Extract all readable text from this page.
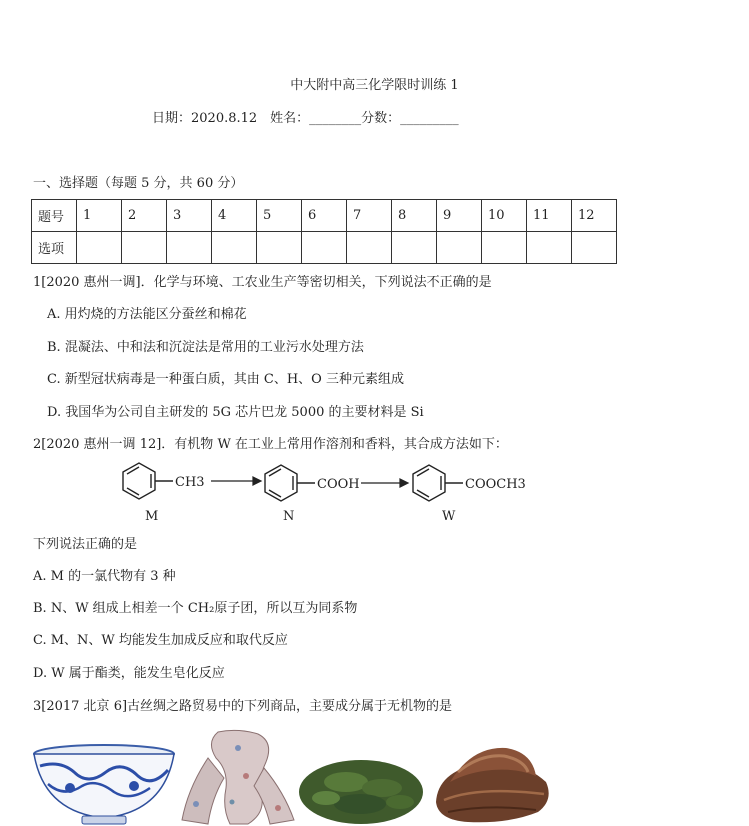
中大附中高三化学限时训练 1
日期：2020.8.12　姓名：________分数：_________
一、选择题（每题 5 分，共 60 分）
题号	1	2	3	4	5	6	7	8	9	10	11	12
选项												
1[2020 惠州一调]．化学与环境、工农业生产等密切相关，下列说法不正确的是
A. 用灼烧的方法能区分蚕丝和棉花
B. 混凝法、中和法和沉淀法是常用的工业污水处理方法
C. 新型冠状病毒是一种蛋白质，其由 C、H、O 三种元素组成
D. 我国华为公司自主研发的 5G 芯片巴龙 5000 的主要材料是 Si
2[2020 惠州一调 12]．有机物 W 在工业上常用作溶剂和香料，其合成方法如下：
CH3
M
COOH
N
COOCH3
W
下列说法正确的是
A. M 的一氯代物有 3 种
B. N、W 组成上相差一个 CH₂原子团，所以互为同系物
C. M、N、W 均能发生加成反应和取代反应
D. W 属于酯类，能发生皂化反应
3[2017 北京 6]古丝绸之路贸易中的下列商品，主要成分属于无机物的是
